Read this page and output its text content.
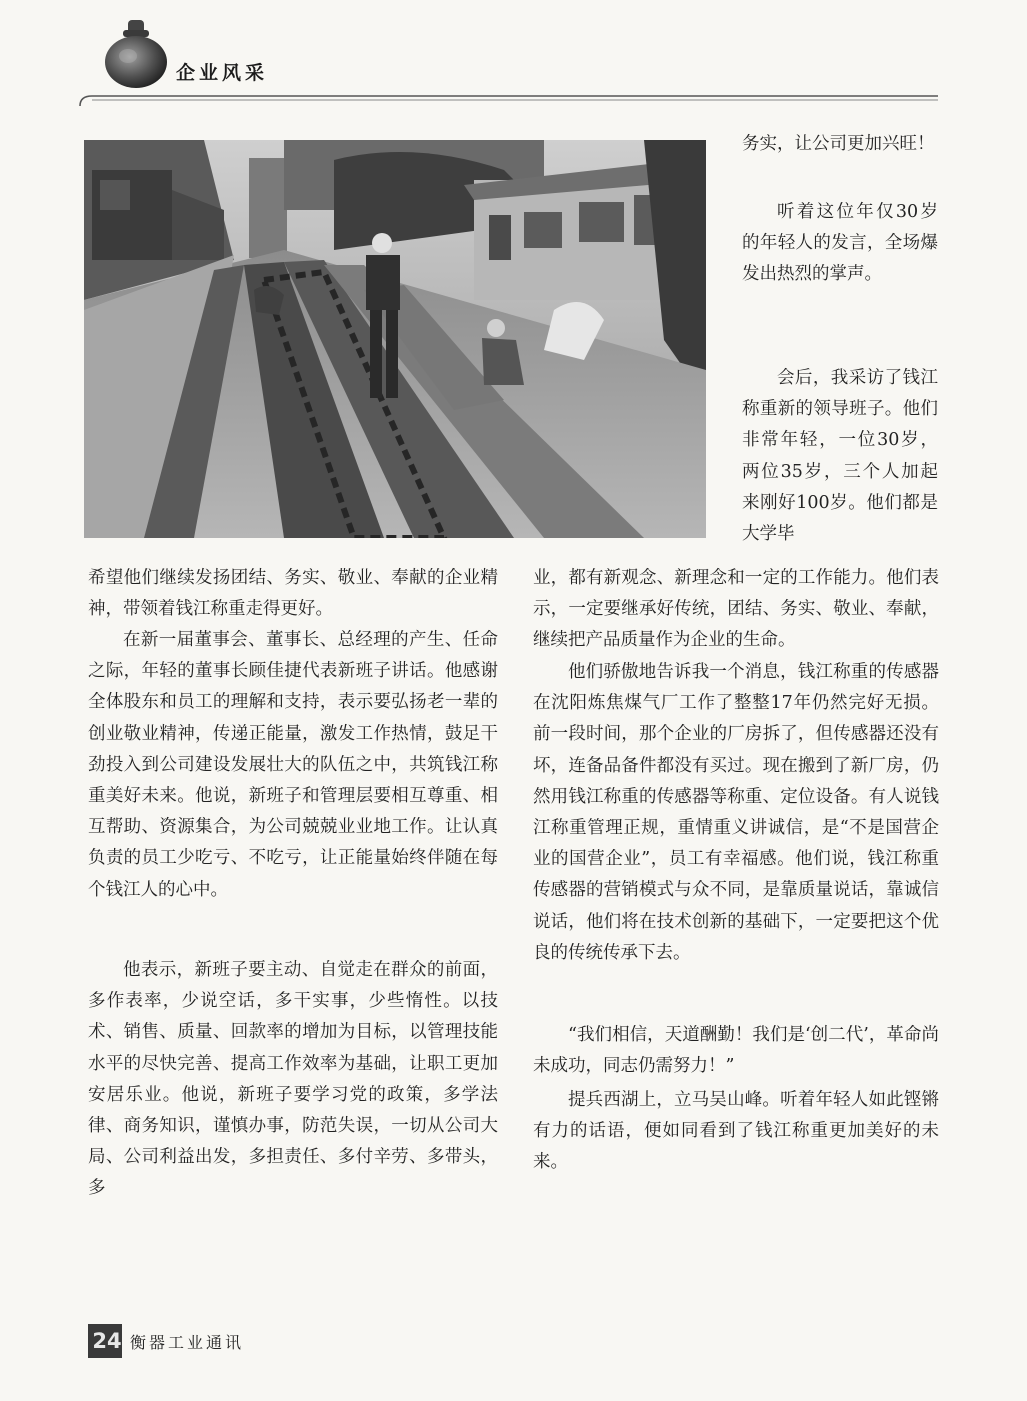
企业风采

务实，让公司更加兴旺！

听着这位年仅30岁的年轻人的发言，全场爆发出热烈的掌声。

会后，我采访了钱江称重新的领导班子。他们非常年轻，一位30岁，两位35岁，三个人加起来刚好100岁。他们都是大学毕

业，都有新观念、新理念和一定的工作能力。他们表示，一定要继承好传统，团结、务实、敬业、奉献，继续把产品质量作为企业的生命。

他们骄傲地告诉我一个消息，钱江称重的传感器在沈阳炼焦煤气厂工作了整整17年仍然完好无损。前一段时间，那个企业的厂房拆了，但传感器还没有坏，连备品备件都没有买过。现在搬到了新厂房，仍然用钱江称重的传感器等称重、定位设备。有人说钱江称重管理正规，重情重义讲诚信，是“不是国营企业的国营企业”，员工有幸福感。他们说，钱江称重传感器的营销模式与众不同，是靠质量说话，靠诚信说话，他们将在技术创新的基础下，一定要把这个优良的传统传承下去。

“我们相信，天道酬勤！我们是‘创二代’，革命尚未成功，同志仍需努力！”

提兵西湖上，立马吴山峰。听着年轻人如此铿锵有力的话语，便如同看到了钱江称重更加美好的未来。

希望他们继续发扬团结、务实、敬业、奉献的企业精神，带领着钱江称重走得更好。

在新一届董事会、董事长、总经理的产生、任命之际，年轻的董事长顾佳捷代表新班子讲话。他感谢全体股东和员工的理解和支持，表示要弘扬老一辈的创业敬业精神，传递正能量，激发工作热情，鼓足干劲投入到公司建设发展壮大的队伍之中，共筑钱江称重美好未来。他说，新班子和管理层要相互尊重、相互帮助、资源集合，为公司兢兢业业地工作。让认真负责的员工少吃亏、不吃亏，让正能量始终伴随在每个钱江人的心中。

他表示，新班子要主动、自觉走在群众的前面，多作表率，少说空话，多干实事，少些惰性。以技术、销售、质量、回款率的增加为目标，以管理技能水平的尽快完善、提高工作效率为基础，让职工更加安居乐业。他说，新班子要学习党的政策，多学法律、商务知识，谨慎办事，防范失误，一切从公司大局、公司利益出发，多担责任、多付辛劳、多带头，多

24 衡器工业通讯
